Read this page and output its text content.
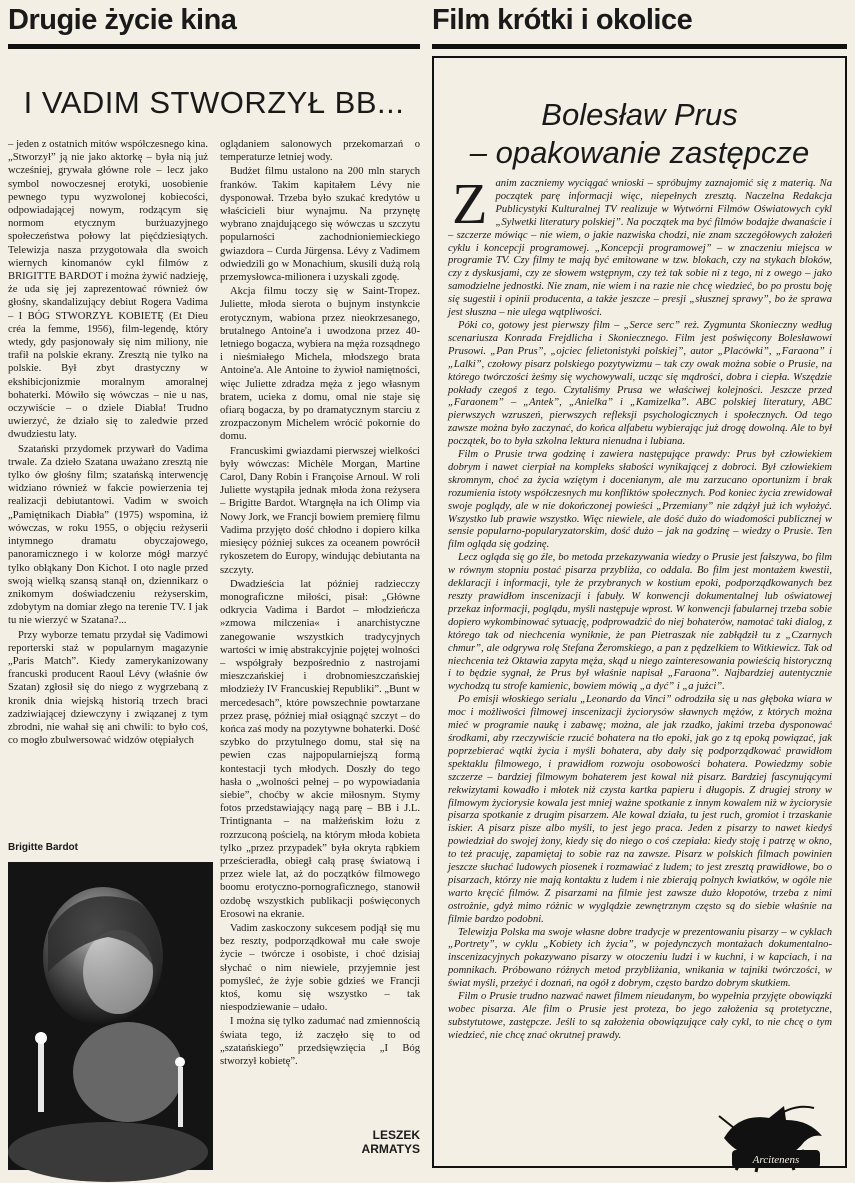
Drugie życie kina
I VADIM STWORZYŁ BB...

– jeden z ostatnich mitów współczesnego kina. „Stworzył” ją nie jako aktorkę – była nią już wcześniej, grywała główne role – lecz jako symbol nowoczesnej erotyki, uosobienie pewnego typu wyzwolonej kobiecości, odpowiadającej nowym, rodzącym się normom etycznym burżuazyjnego społeczeństwa połowy lat pięćdziesiątych. Telewizja nasza przygotowała dla swoich wiernych kinomanów cykl filmów z BRIGITTE BARDOT i można żywić nadzieję, że uda się jej zaprezentować również ów głośny, skandalizujący debiut Rogera Vadima – I BÓG STWORZYŁ KOBIETĘ (Et Dieu créa la femme, 1956), film-legendę, który wtedy, gdy pasjonowały się nim miliony, nie trafił na polskie ekrany. Zresztą nie tylko na polskie. Był zbyt drastyczny w ekshibicjonizmie moralnym amoralnej bohaterki. Mówiło się wówczas – nie u nas, oczywiście – o dziele Diabła! Trudno uwierzyć, że działo się to zaledwie przed dwudziestu laty.

Szatański przydomek przywarł do Vadima trwale. Za dzieło Szatana uważano zresztą nie tylko ów głośny film; szatańską interwencję widziano również w fakcie powierzenia tej realizacji debiutantowi. Vadim w swoich „Pamiętnikach Diabła” (1975) wspomina, iż wówczas, w roku 1955, o objęciu reżyserii intymnego dramatu obyczajowego, panoramicznego i w kolorze mógł marzyć tylko obłąkany Don Kichot. I oto nagle przed swoją wielką szansą stanął on, dziennikarz o znikomym doświadczeniu reżyserskim, zdobytym na domiar złego na terenie TV. I jak tu nie wierzyć w Szatana?...

Przy wyborze tematu przydał się Vadimowi reporterski staż w popularnym magazynie „Paris Match”. Kiedy zamerykanizowany francuski producent Raoul Lévy (właśnie ów Szatan) zgłosił się do niego z wygrzebaną z kronik dnia wiejską historią trzech braci zadziwiającej dziewczyny i związanej z tym zbrodni, nie wahał się ani chwili: to było coś, co mogło zbulwersować widzów otępiałych

Brigitte Bardot

oglądaniem salonowych przekomarzań o temperaturze letniej wody.

Budżet filmu ustalono na 200 mln starych franków. Takim kapitałem Lévy nie dysponował. Trzeba było szukać kredytów u właścicieli biur wynajmu. Na przynętę wybrano znajdującego się wówczas u szczytu popularności zachodnioniemieckiego gwiazdora – Curda Jürgensa. Lévy z Vadimem odwiedzili go w Monachium, skusili dużą rolą przemysłowca-milionera i uzyskali zgodę.

Akcja filmu toczy się w Saint-Tropez. Juliette, młoda sierota o bujnym instynkcie erotycznym, wabiona przez nieokrzesanego, brutalnego Antoine'a i uwodzona przez 40-letniego bogacza, wybiera na męża rozsądnego i nieśmiałego Michela, młodszego brata Antoine'a. Ale Antoine to żywioł namiętności, więc Juliette zdradza męża z jego własnym bratem, ucieka z domu, omal nie staje się ofiarą bogacza, by po dramatycznym starciu z zrozpaczonym Michelem wrócić pokornie do domu.

Francuskimi gwiazdami pierwszej wielkości były wówczas: Michèle Morgan, Martine Carol, Dany Robin i Françoise Arnoul. W roli Juliette wystąpiła jednak młoda żona reżysera – Brigitte Bardot. Wtargnęła na ich Olimp via Nowy Jork, we Francji bowiem premierę filmu Vadima przyjęto dość chłodno i dopiero kilka miesięcy później sukces za oceanem powrócił rykoszetem do Europy, windując debiutanta na szczyty.

Dwadzieścia lat później radziecczy monograficzne miłości, pisał: „Główne odkrycia Vadima i Bardot – młodzieńcza »zmowa milczenia« i anarchistyczne zanegowanie wszystkich tradycyjnych wartości w imię abstrakcyjnie pojętej wolności – współgrały bezpośrednio z nastrojami mieszczańskiej i drobnomieszczańskiej młodzieży IV Francuskiej Republiki”. „Bunt w mercedesach”, które powszechnie powtarzane przez prasę, później miał osiągnąć szczyt – do końca zaś mody na pozytywne bohaterki. Dość szybko do przytulnego domu, stał się na pewien czas najpopularniejszą formą kontestacji tych młodych. Doszły do tego hasła o „wolności pełnej – po wypowiadania siebie”, choćby w akcie miłosnym. Stymy fotos przedstawiający nagą parę – BB i J.L. Trintignanta – na małżeńskim łożu z rozrzuconą pościelą, na którym młoda kobieta tylko „przez przypadek” była okryta rąbkiem prześcieradła, obiegł całą prasę światową i przez wiele lat, aż do początków filmowego boomu erotyczno-pornograficznego, stanowił ozdobę wszystkich publikacji poświęconych Erosowi na ekranie.

Vadim zaskoczony sukcesem podjął się mu bez reszty, podporządkował mu całe swoje życie – twórcze i osobiste, i choć dzisiaj słychać o nim niewiele, przyjemnie jest pomyśleć, że żyje sobie gdzieś we Francji ktoś, komu się wszystko – tak niespodziewanie – udało.

I można się tylko zadumać nad zmiennością świata tego, iż zaczęło się to od „szatańskiego” przedsięwzięcia „I Bóg stworzył kobietę”.

LESZEK
ARMATYS
Film krótki i okolice
Bolesław Prus
– opakowanie zastępcze

Zanim zaczniemy wyciągać wnioski – spróbujmy zaznajomić się z materią. Na początek parę informacji więc, niepełnych zresztą. Naczelna Redakcja Publicystyki Kulturalnej TV realizuje w Wytwórni Filmów Oświatowych cykl „Sylwetki literatury polskiej”. Na początek ma być filmów bodajże dwanaście i – szczerze mówiąc – nie wiem, o jakie nazwiska chodzi, nie znam szczegółowych założeń cyklu i koncepcji programowej. „Koncepcji programowej” – w znaczeniu miejsca w programie TV. Czy filmy te mają być emitowane w tzw. blokach, czy na stykach bloków, czy z dyskusjami, czy ze słowem wstępnym, czy też tak sobie ni z tego, ni z owego – jako samodzielne jednostki. Nie znam, nie wiem i na razie nie chcę wiedzieć, bo po prostu boję się sugestii i opinii producenta, a także jeszcze – presji „słusznej sprawy”, bo że sprawa jest słuszna – nie ulega wątpliwości.

Póki co, gotowy jest pierwszy film – „Serce serc” reż. Zygmunta Skonieczny według scenariusza Konrada Frejdlicha i Skoniecznego. Film jest poświęcony Bolesławowi Prusowi. „Pan Prus”, „ojciec felietonistyki polskiej”, autor „Placówki”, „Faraona” i „Lalki”, czołowy pisarz polskiego pozytywizmu – tak czy owak można sobie o Prusie, na którego twórczości żeśmy się wychowywali, ucząc się mądrości, dobra i ciepła. Wszędzie pokłady czegoś z tego. Czytaliśmy Prusa we właściwej kolejności. Jeszcze przed „Faraonem” – „Antek”, „Anielka” i „Kamizelka”. ABC polskiej literatury, ABC pierwszych wzruszeń, pierwszych refleksji psychologicznych i społecznych. Od tego zawsze można było zaczynać, do końca alfabetu wybierając już drogę dowolną. Ale to był początek, bo to była szkolna lektura nienudna i lubiana.

Film o Prusie trwa godzinę i zawiera następujące prawdy: Prus był człowiekiem dobrym i nawet cierpiał na kompleks słabości wynikającej z dobroci. Był człowiekiem skromnym, choć za życia wziętym i docenianym, ale mu zarzucano oportunizm i brak rozumienia istoty współczesnych mu konfliktów społecznych. Pod koniec życia zrewidował swoje poglądy, ale w nie dokończonej powieści „Przemiany” nie zdążył już ich wyłożyć. Wszystko lub prawie wszystko. Więc niewiele, ale dość dużo do wiadomości publicznej w sensie popularno-popularyzatorskim, dość dużo – jak na godzinę – wiedzy o Prusie. Ten film ogląda się godzinę.

Lecz ogląda się go źle, bo metoda przekazywania wiedzy o Prusie jest fałszywa, bo film w równym stopniu postać pisarza przybliża, co oddala. Bo film jest montażem kwestii, deklaracji i informacji, tyle że przybranych w kostium epoki, podporządkowanych bez reszty prawidłom inscenizacji i fabuły. W konwencji dokumentalnej lub oświatowej przekaz informacji, poglądu, myśli następuje wprost. W konwencji fabularnej trzeba sobie dopiero wykombinować sytuację, podprowadzić do niej bohaterów, namotać taki dialog, z którego tak od niechcenia wyniknie, że pan Pietraszak nie zabłądził tu z „Czarnych chmur”, ale odgrywa rolę Stefana Żeromskiego, a pan z pędzelkiem to Witkiewicz. Tak od niechcenia też Oktawia zapyta męża, skąd u niego zainteresowania powieścią historyczną i to będzie sygnał, że Prus był właśnie napisał „Faraona”. Najbardziej autentycznie wychodzą tu strofe kamienic, bowiem mówią „a dyć” i „a jużci”.

Po emisji włoskiego serialu „Leonardo da Vinci” odrodziła się u nas głęboka wiara w moc i możliwości filmowej inscenizacji życiorysów sławnych mężów, z których można mieć w programie naukę i zabawę; można, ale jak rzadko, jakimi trzeba dysponować środkami, aby rzeczywiście rzucić bohatera na tło epoki, jak go z tą epoką powiązać, jak poprzebierać wątki życia i myśli bohatera, aby dały się podporządkować prawidłom spektaklu filmowego, i prawidłom rozwoju osobowości bohatera. Powiedzmy sobie szczerze – bardziej filmowym bohaterem jest kowal niż pisarz. Bardziej fascynującymi rekwizytami kowadło i młotek niż czysta kartka papieru i długopis. Z drugiej strony w filmowym życiorysie kowala jest mniej ważne spotkanie z innym kowalem niż w życiorysie pisarza spotkanie z drugim pisarzem. Ale kowal działa, tu jest ruch, gromiot i trzaskanie iskier. A pisarz pisze albo myśli, to jest jego praca. Jeden z pisarzy to nawet kiedyś powiedział do swojej żony, kiedy się do niego o coś czepiała: kiedy stoję i patrzę w okno, to też pracuję, zapamiętaj to sobie raz na zawsze. Pisarz w polskich filmach powinien jeszcze słuchać ludowych piosenek i rozmawiać z ludem; to jest zresztą prawidłowe, bo o pisarzach, którzy nie mają kontaktu z ludem i nie zbierają polnych kwiatków, w ogóle nie warto kręcić filmów. Z pisarzami na filmie jest zawsze dużo kłopotów, trzeba z nimi ostrożnie, gdyż mimo różnic w wyglądzie zewnętrznym często są do siebie właśnie na filmie bardzo podobni.

Telewizja Polska ma swoje własne dobre tradycje w prezentowaniu pisarzy – w cyklach „Portrety”, w cyklu „Kobiety ich życia”, w pojedynczych montażach dokumentalno-inscenizacyjnych pokazywano pisarzy w otoczeniu ludzi i w kuchni, i w kapciach, i na pomnikach. Próbowano różnych metod przybliżania, wnikania w tajniki twórczości, w świat myśli, przeżyć i doznań, na ogół z dobrym, często bardzo dobrym skutkiem.

Film o Prusie trudno nazwać nawet filmem nieudanym, bo wypełnia przyjęte obowiązki wobec pisarza. Ale film o Prusie jest proteza, bo jego założenia są protetyczne, substytutowe, zastępcze. Jeśli to są założenia obowiązujące cały cykl, to nie chcę o tym wiedzieć, nie chcę znać okrutnej prawdy.

Arcitenens
